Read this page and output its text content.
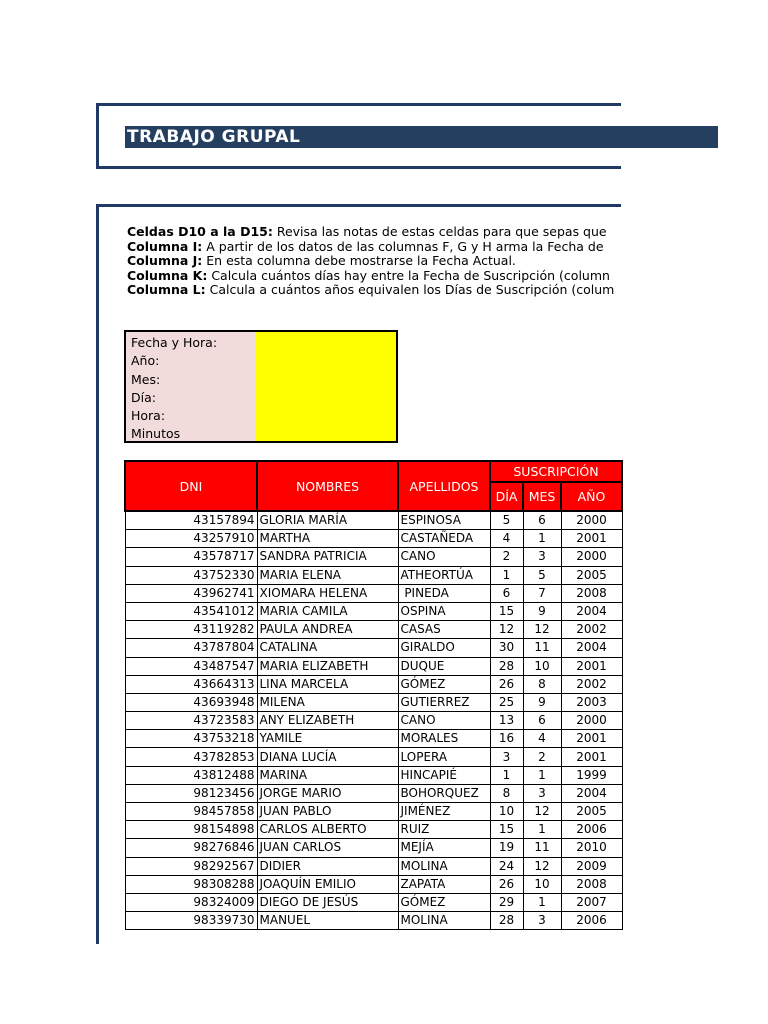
TRABAJO GRUPAL
Celdas D10 a la D15: Revisa las notas de estas celdas para que sepas que
Columna I: A partir de los datos de las columnas F, G y H arma la Fecha de
Columna J: En esta columna debe mostrarse la Fecha Actual.
Columna K: Calcula cuántos días hay entre la Fecha de Suscripción (column
Columna L: Calcula a cuántos años equivalen los Días de Suscripción (colum
Fecha y Hora:
Año:
Mes:
Día:
Hora:
Minutos
DNI	NOMBRES	APELLIDOS	SUSCRIPCIÓN		
			DÍA	MES	AÑO
43157894	GLORIA MARÍA	ESPINOSA	5	6	2000
43257910	MARTHA	CASTAÑEDA	4	1	2001
43578717	SANDRA PATRICIA	CANO	2	3	2000
43752330	MARIA ELENA	ATHEORTÚA	1	5	2005
43962741	XIOMARA HELENA	PINEDA	6	7	2008
43541012	MARIA CAMILA	OSPINA	15	9	2004
43119282	PAULA ANDREA	CASAS	12	12	2002
43787804	CATALINA	GIRALDO	30	11	2004
43487547	MARIA ELIZABETH	DUQUE	28	10	2001
43664313	LINA MARCELA	GÓMEZ	26	8	2002
43693948	MILENA	GUTIERREZ	25	9	2003
43723583	ANY ELIZABETH	CANO	13	6	2000
43753218	YAMILE	MORALES	16	4	2001
43782853	DIANA LUCÍA	LOPERA	3	2	2001
43812488	MARINA	HINCAPIÉ	1	1	1999
98123456	JORGE MARIO	BOHORQUEZ	8	3	2004
98457858	JUAN PABLO	JIMÉNEZ	10	12	2005
98154898	CARLOS ALBERTO	RUIZ	15	1	2006
98276846	JUAN CARLOS	MEJÍA	19	11	2010
98292567	DIDIER	MOLINA	24	12	2009
98308288	JOAQUÍN EMILIO	ZAPATA	26	10	2008
98324009	DIEGO DE JESÚS	GÓMEZ	29	1	2007
98339730	MANUEL	MOLINA	28	3	2006
